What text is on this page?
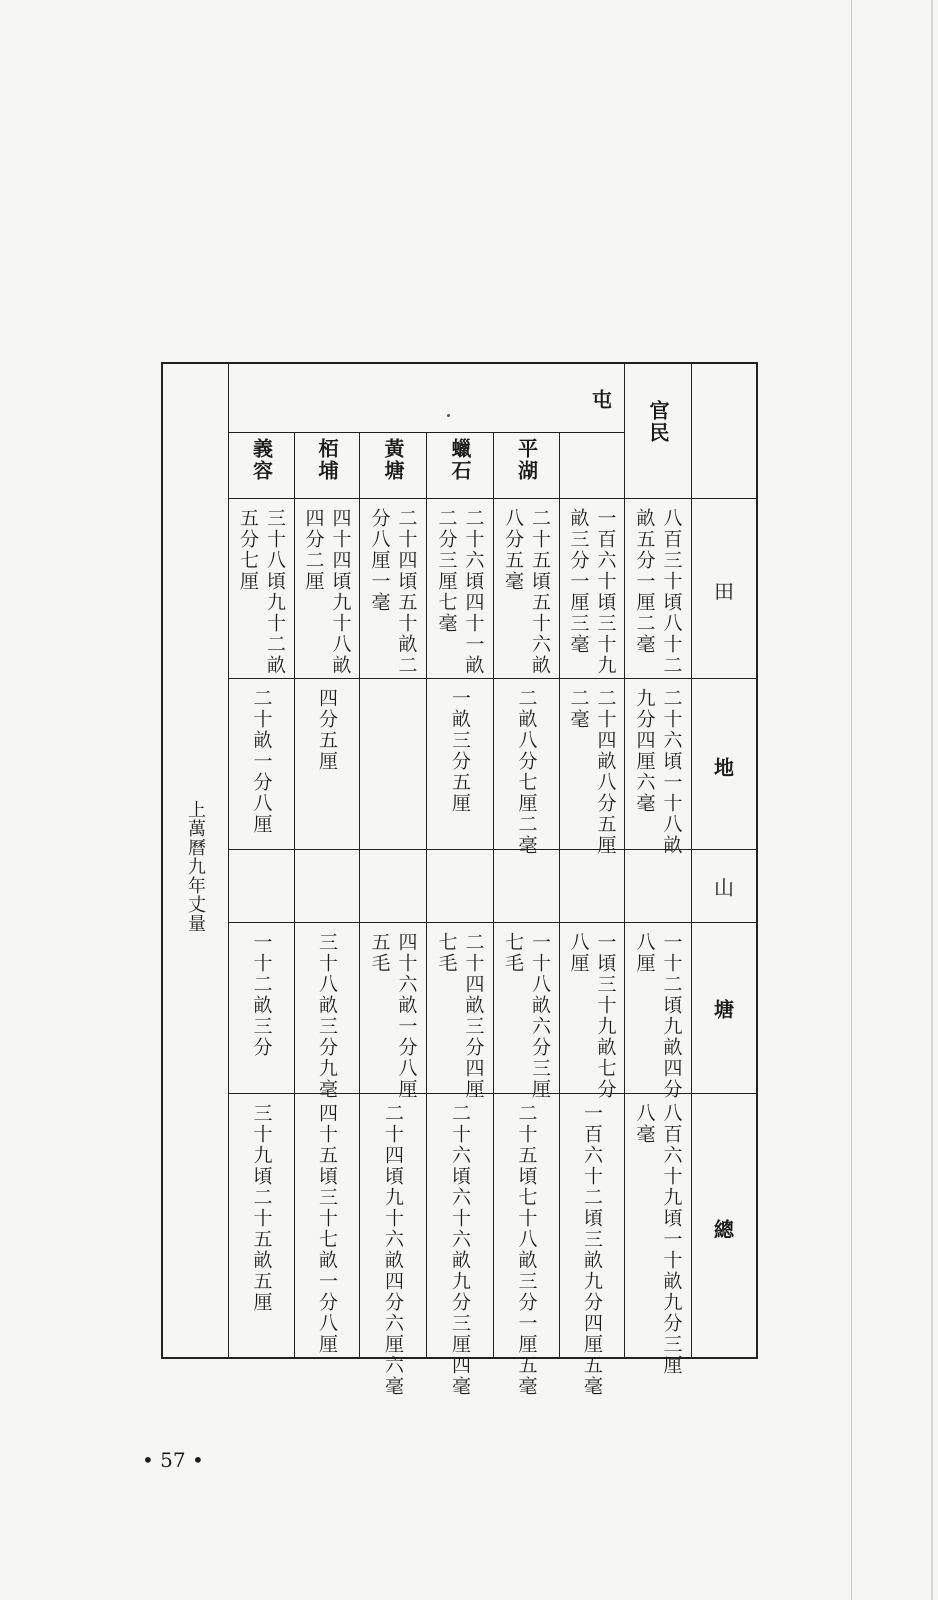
屯
官民
平湖
蠟石
黃塘
栢埔
義容
田
地
山
塘
總
八百三十頃八十二
畝五分一厘二毫
二十六頃一十八畝
九分四厘六毫
一十二頃九畝四分
八厘
八百六十九頃一十畝九分三厘
八毫
一百六十頃三十九
畝三分一厘三毫
二十四畝八分五厘
二毫
一頃三十九畝七分
八厘
一百六十二頃三畝九分四厘五毫
二十五頃五十六畝
八分五毫
二畝八分七厘二毫
一十八畝六分三厘
七毛
二十五頃七十八畝三分一厘五毫
二十六頃四十一畝
二分三厘七毫
一畝三分五厘
二十四畝三分四厘
七毛
二十六頃六十六畝九分三厘四毫
二十四頃五十畝二
分八厘一毫
四十六畝一分八厘
五毛
二十四頃九十六畝四分六厘六毫
四十四頃九十八畝
四分二厘
四分五厘
三十八畝三分九毫
四十五頃三十七畝一分八厘
三十八頃九十二畝
五分七厘
二十畝一分八厘
一十二畝三分
三十九頃二十五畝五厘
上萬曆九年丈量
• 57 •
